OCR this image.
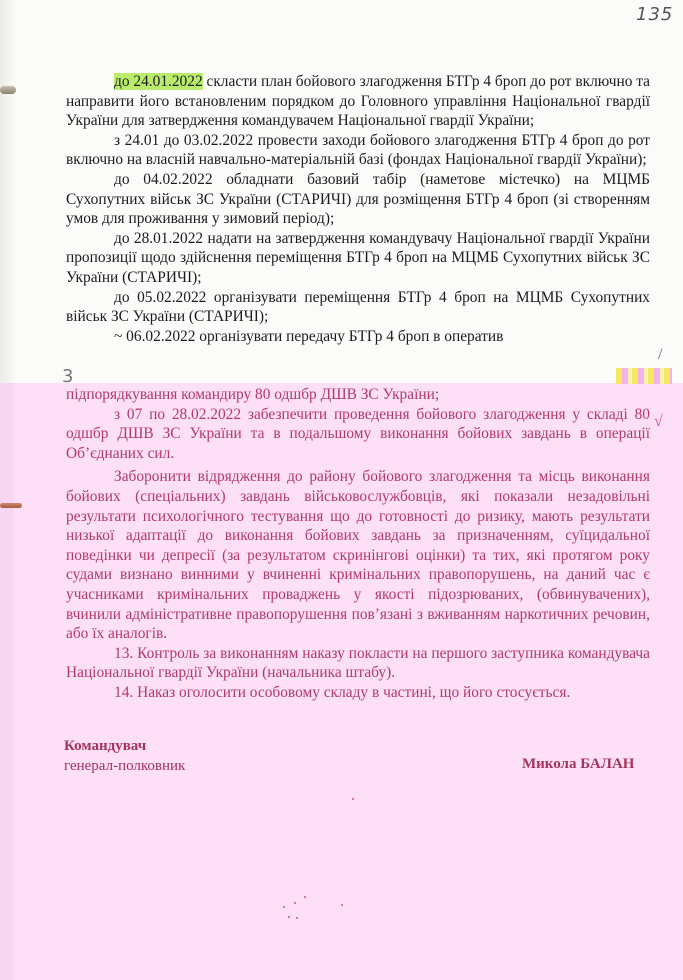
135

до 24.01.2022 скласти план бойового злагодження БТГр 4 броп до рот включно та направити його встановленим порядком до Головного управління Національної гвардії України для затвердження командувачем Національної гвардії України;

з 24.01 до 03.02.2022 провести заходи бойового злагодження БТГр 4 броп до рот включно на власній навчально-матеріальній базі (фондах Національної гвардії України);

до 04.02.2022 обладнати базовий табір (наметове містечко) на МЦМБ Сухопутних військ ЗС України (СТАРИЧІ) для розміщення БТГр 4 броп (зі створенням умов для проживання у зимовий період);

до 28.01.2022 надати на затвердження командувачу Національної гвардії України пропозиції щодо здійснення переміщення БТГр 4 броп на МЦМБ Сухопутних військ ЗС України (СТАРИЧІ);

до 05.02.2022 організувати переміщення БТГр 4 броп на МЦМБ Сухопутних військ ЗС України (СТАРИЧІ);

~ 06.02.2022 організувати передачу БТГр 4 броп в оператив

3
/

підпорядкування командиру 80 одшбр ДШВ ЗС України;

з 07 по 28.02.2022 забезпечити проведення бойового злагодження у складі 80 одшбр ДШВ ЗС України та в подальшому виконання бойових завдань в операції Об’єднаних сил.

Заборонити відрядження до району бойового злагодження та місць виконання бойових (спеціальних) завдань військовослужбовців, які показали незадовільні результати психологічного тестування що до готовності до ризику, мають результати низької адаптації до виконання бойових завдань за призначенням, суїцидальної поведінки чи депресії (за результатом скринінгові оцінки) та тих, які протягом року судами визнано винними у вчиненні кримінальних правопорушень, на даний час є учасниками кримінальних проваджень у якості підозрюваних, (обвинувачених), вчинили адміністративне правопорушення пов’язані з вживанням наркотичних речовин, або їх аналогів.

13. Контроль за виконанням наказу покласти на першого заступника командувача Національної гвардії України (начальника штабу).

14. Наказ оголосити особовому складу в частині, що його стосується.

√
Командувач
генерал-полковник	Микола БАЛАН
